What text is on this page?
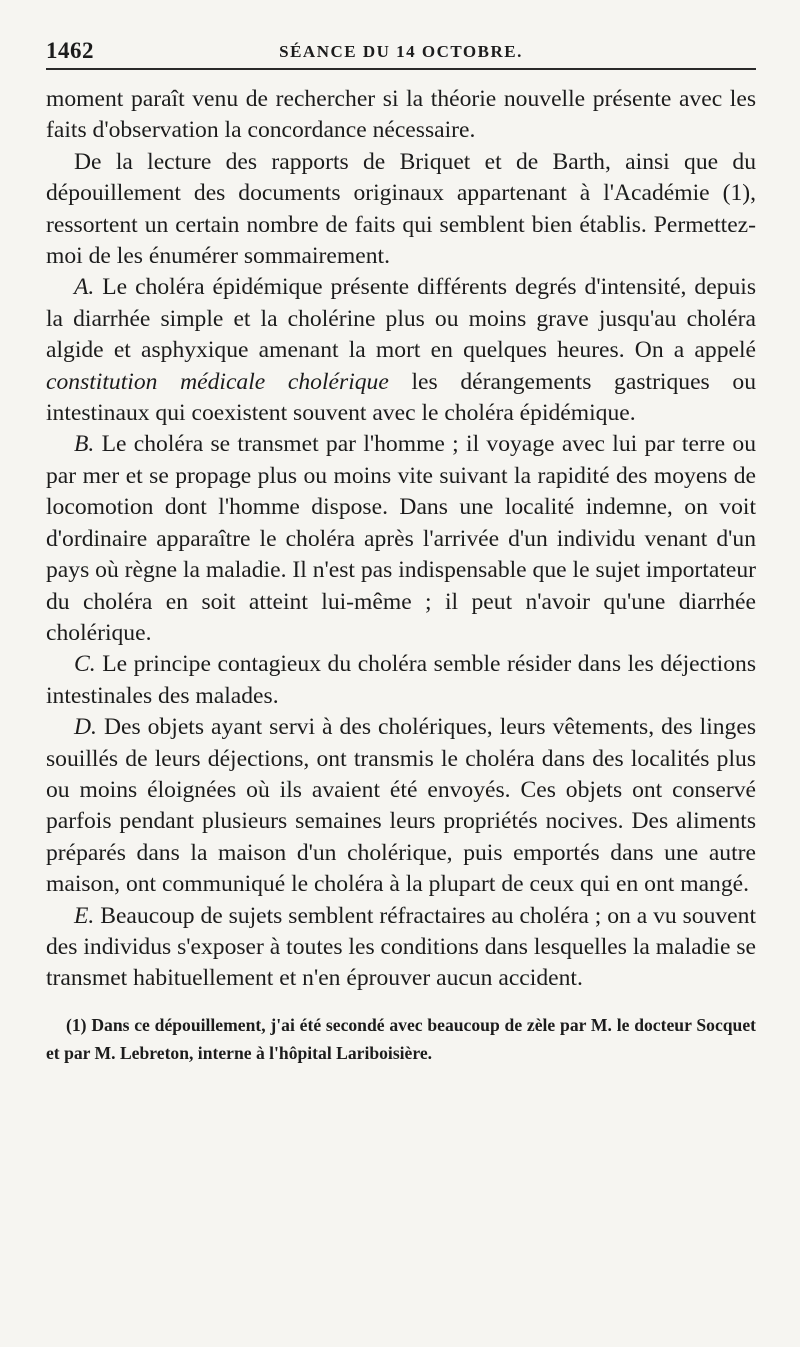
1462	SÉANCE DU 14 OCTOBRE.

moment paraît venu de rechercher si la théorie nouvelle présente avec les faits d'observation la concordance nécessaire.

De la lecture des rapports de Briquet et de Barth, ainsi que du dépouillement des documents originaux appartenant à l'Académie (1), ressortent un certain nombre de faits qui semblent bien établis. Permettez-moi de les énumérer sommairement.

A. Le choléra épidémique présente différents degrés d'intensité, depuis la diarrhée simple et la cholérine plus ou moins grave jusqu'au choléra algide et asphyxique amenant la mort en quelques heures. On a appelé constitution médicale cholérique les dérangements gastriques ou intestinaux qui coexistent souvent avec le choléra épidémique.

B. Le choléra se transmet par l'homme ; il voyage avec lui par terre ou par mer et se propage plus ou moins vite suivant la rapidité des moyens de locomotion dont l'homme dispose. Dans une localité indemne, on voit d'ordinaire apparaître le choléra après l'arrivée d'un individu venant d'un pays où règne la maladie. Il n'est pas indispensable que le sujet importateur du choléra en soit atteint lui-même ; il peut n'avoir qu'une diarrhée cholérique.

C. Le principe contagieux du choléra semble résider dans les déjections intestinales des malades.

D. Des objets ayant servi à des cholériques, leurs vêtements, des linges souillés de leurs déjections, ont transmis le choléra dans des localités plus ou moins éloignées où ils avaient été envoyés. Ces objets ont conservé parfois pendant plusieurs semaines leurs propriétés nocives. Des aliments préparés dans la maison d'un cholérique, puis emportés dans une autre maison, ont communiqué le choléra à la plupart de ceux qui en ont mangé.

E. Beaucoup de sujets semblent réfractaires au choléra ; on a vu souvent des individus s'exposer à toutes les conditions dans lesquelles la maladie se transmet habituellement et n'en éprouver aucun accident.

(1) Dans ce dépouillement, j'ai été secondé avec beaucoup de zèle par M. le docteur Socquet et par M. Lebreton, interne à l'hôpital Lariboisière.
